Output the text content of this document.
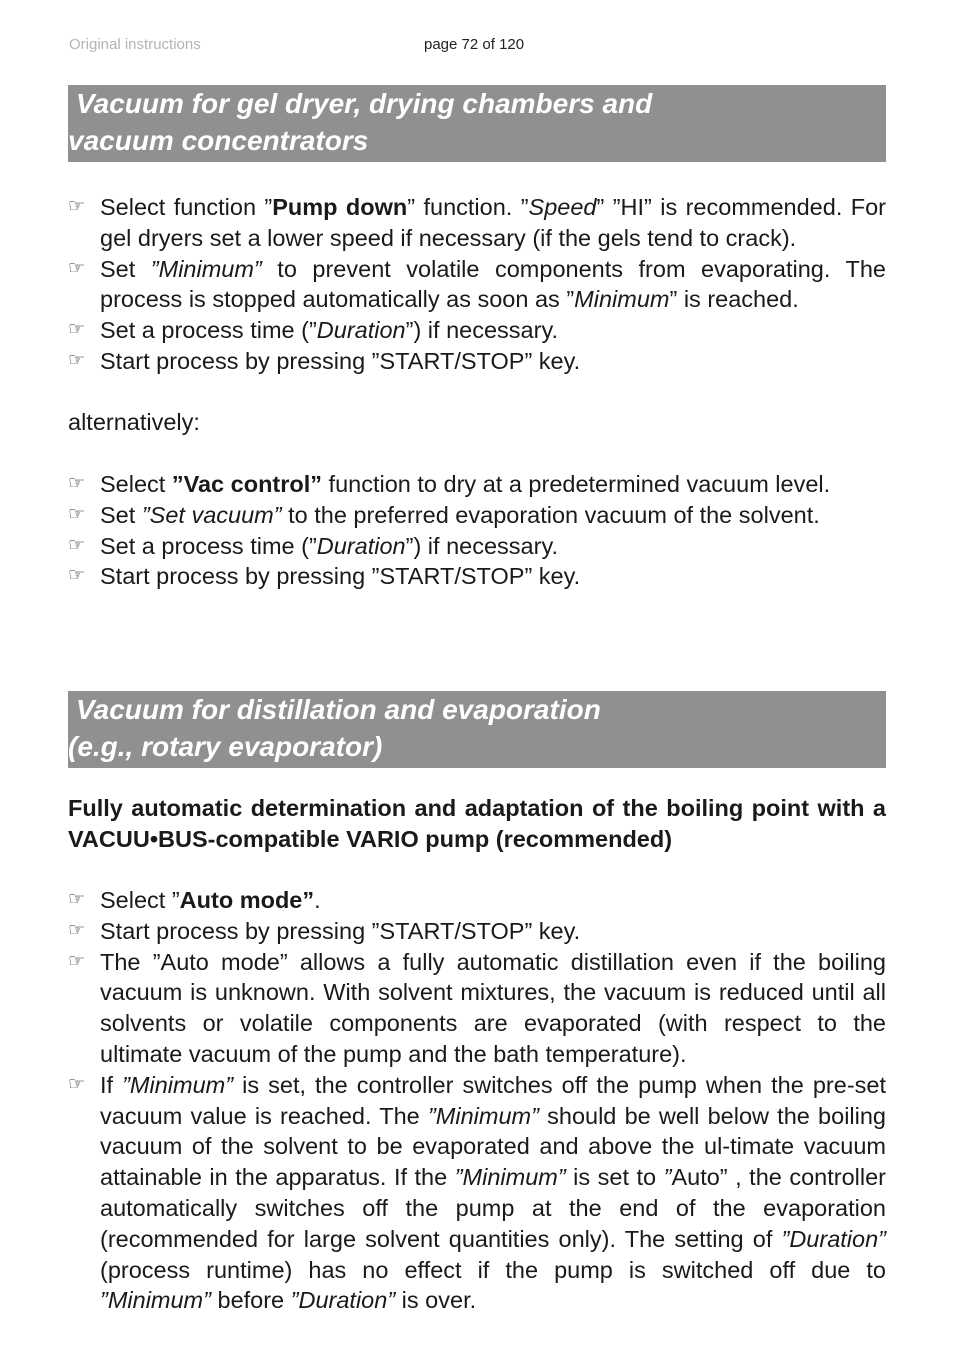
Original instructions	page 72 of 120
Vacuum for gel dryer, drying chambers and
vacuum concentrators
☞ Select function ”Pump down” function. ”Speed” ”HI” is recommended. For gel dryers set a lower speed if necessary (if the gels tend to crack).
☞ Set ”Minimum” to prevent volatile components from evaporating. The process is stopped automatically as soon as ”Minimum” is reached.
☞ Set a process time (”Duration”) if necessary.
☞ Start process by pressing ”START/STOP” key.
alternatively:
☞ Select ”Vac control” function to dry at a predetermined vacuum level.
☞ Set ”Set vacuum” to the preferred evaporation vacuum of the solvent.
☞ Set a process time (”Duration”) if necessary.
☞ Start process by pressing ”START/STOP” key.
Vacuum for distillation and evaporation
(e.g., rotary evaporator)
Fully automatic determination and adaptation of the boiling point with a VACUU•BUS-compatible VARIO pump (recommended)
☞ Select ”Auto mode”.
☞ Start process by pressing ”START/STOP” key.
☞ The ”Auto mode” allows a fully automatic distillation even if the boiling vacuum is unknown. With solvent mixtures, the vacuum is reduced until all solvents or volatile components are evaporated (with respect to the ultimate vacuum of the pump and the bath temperature).
☞ If ”Minimum” is set, the controller switches off the pump when the pre-set vacuum value is reached. The ”Minimum” should be well below the boiling vacuum of the solvent to be evaporated and above the ul-timate vacuum attainable in the apparatus. If the ”Minimum” is set to ”Auto” , the controller automatically switches off the pump at the end of the evaporation (recommended for large solvent quantities only). The setting of ”Duration” (process runtime) has no effect if the pump is switched off due to ”Minimum” before ”Duration” is over.
